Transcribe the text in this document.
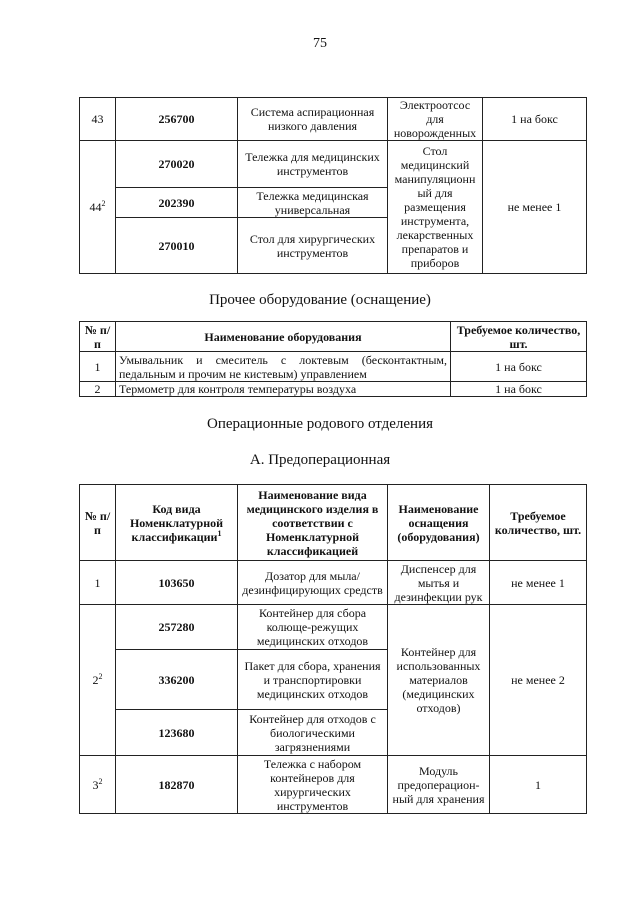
75
43	256700	Система аспирационная низкого давления	Электроотсос для новорожденных	1 на бокс
$44^2$	270020	Тележка для медицинских инструментов	Стол медицинский манипуляционн ый для размещения инструмента, лекарственных препаратов и приборов	не менее 1
	202390	Тележка медицинская универсальная		
	270010	Стол для хирургических инструментов		
Прочее оборудование (оснащение)
№ п/п	Наименование оборудования	Требуемое количество, шт.
1	Умывальник и смеситель с локтевым (бесконтактным, педальным и прочим не кистевым) управлением	1 на бокс
2	Термометр для контроля температуры воздуха	1 на бокс
Операционные родового отделения
А. Предоперационная
№ п/п	Код вида Номенклатурной классификации$^1$	Наименование вида медицинского изделия в соответствии с Номенклатурной классификацией	Наименование оснащения (оборудования)	Требуемое количество, шт.
1	103650	Дозатор для мыла/ дезинфицирующих средств	Диспенсер для мытья и дезинфекции рук	не менее 1
$2^2$	257280	Контейнер для сбора колюще-режущих медицинских отходов	Контейнер для использованных материалов (медицинских отходов)	не менее 2
	336200	Пакет для сбора, хранения и транспортировки медицинских отходов		
	123680	Контейнер для отходов с биологическими загрязнениями		
$3^2$	182870	Тележка с набором контейнеров для хирургических инструментов	Модуль предоперацион-ный для хранения	1
